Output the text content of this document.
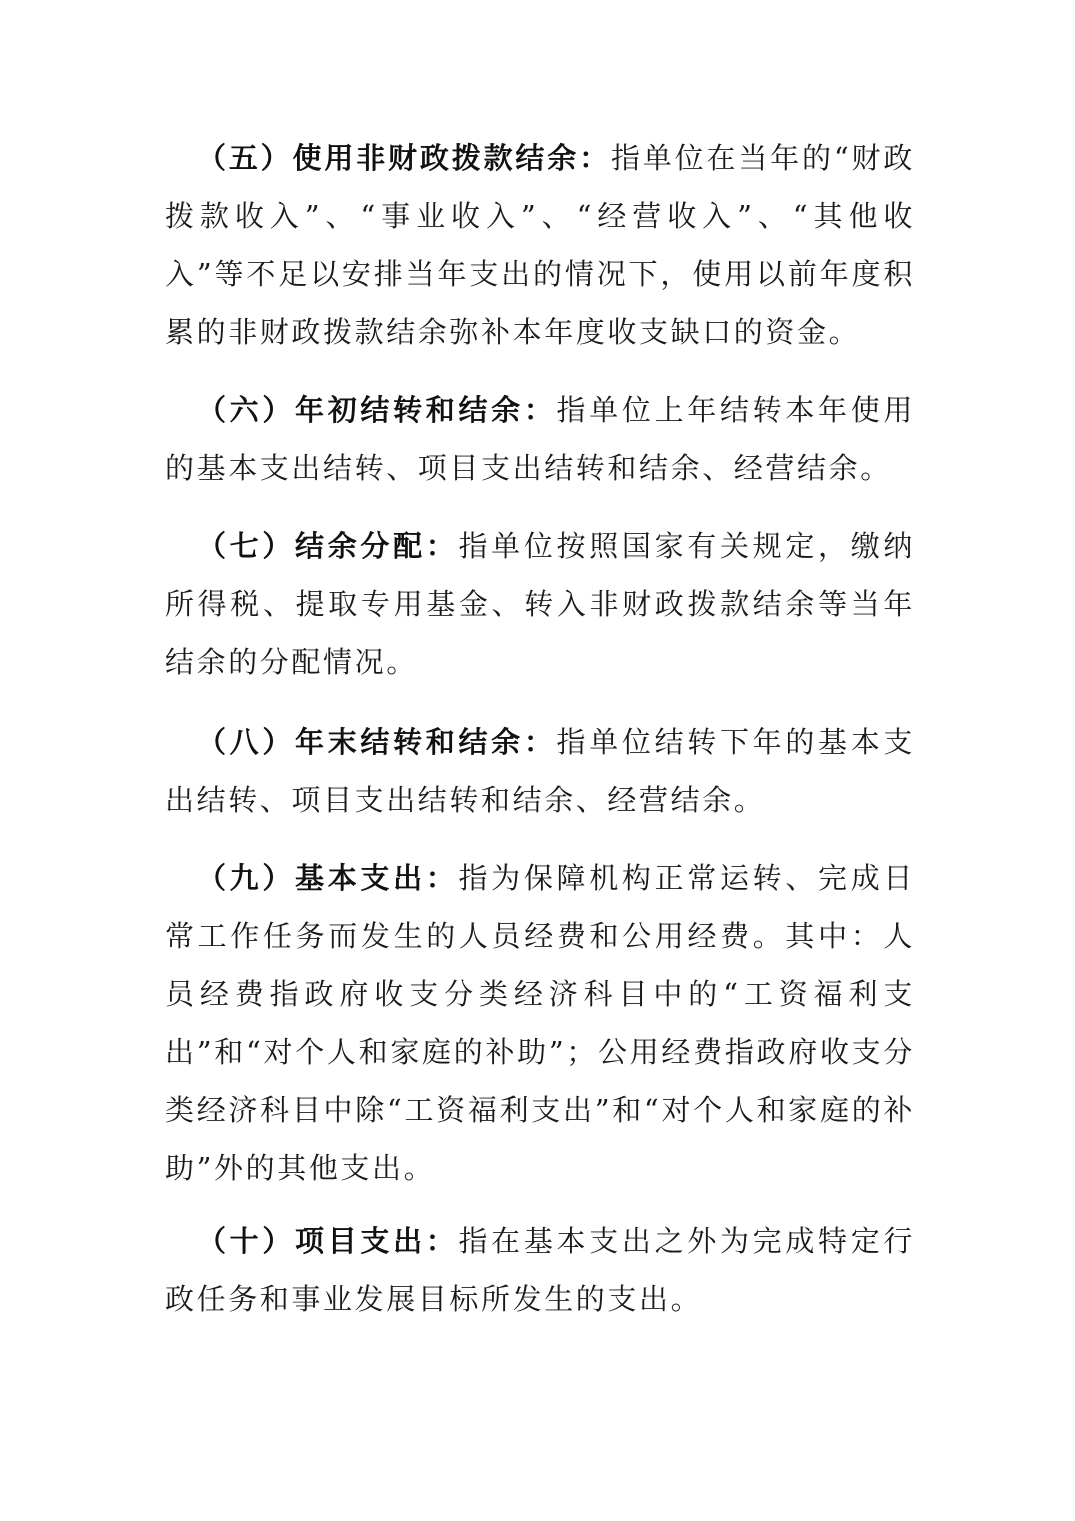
（五）使用非财政拨款结余：指单位在当年的“财政拨款收入”、“事业收入”、“经营收入”、“其他收入”等不足以安排当年支出的情况下，使用以前年度积累的非财政拨款结余弥补本年度收支缺口的资金。

（六）年初结转和结余：指单位上年结转本年使用的基本支出结转、项目支出结转和结余、经营结余。

（七）结余分配：指单位按照国家有关规定，缴纳所得税、提取专用基金、转入非财政拨款结余等当年结余的分配情况。

（八）年末结转和结余：指单位结转下年的基本支出结转、项目支出结转和结余、经营结余。

（九）基本支出：指为保障机构正常运转、完成日常工作任务而发生的人员经费和公用经费。其中：人员经费指政府收支分类经济科目中的“工资福利支出”和“对个人和家庭的补助”；公用经费指政府收支分类经济科目中除“工资福利支出”和“对个人和家庭的补助”外的其他支出。

（十）项目支出：指在基本支出之外为完成特定行政任务和事业发展目标所发生的支出。
